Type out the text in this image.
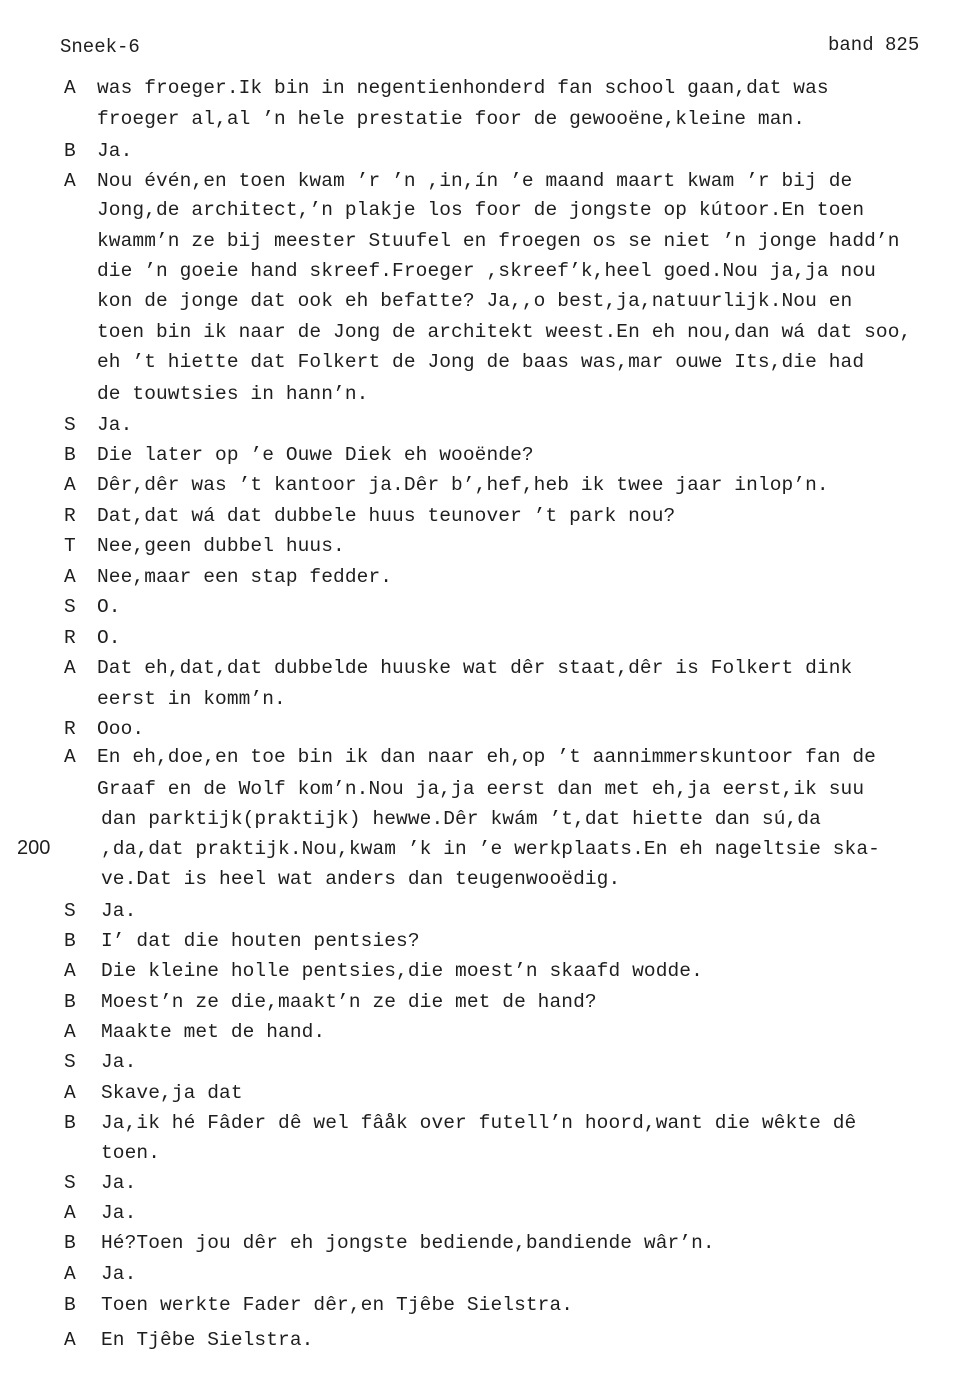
Sneek-6	band 825
200
A was froeger.Ik bin in negentienhonderd fan school gaan,dat was
froeger al,al ’n hele prestatie foor de gewooëne,kleine man.
B Ja.
A Nou évén,en toen kwam ’r ’n ,in,ín ’e maand maart kwam ’r bij de
Jong,de architect,’n plakje los foor de jongste op kútoor.En toen
kwamm’n ze bij meester Stuufel en froegen os se niet ’n jonge hadd’n
die ’n goeie hand skreef.Froeger ,skreef’k,heel goed.Nou ja,ja nou
kon de jonge dat ook eh befatte? Ja,,o best,ja,natuurlijk.Nou en
toen bin ik naar de Jong de architekt weest.En eh nou,dan wá dat soo,
eh ’t hiette dat Folkert de Jong de baas was,mar ouwe Its,die had
de touwtsies in hann’n.
S Ja.
B Die later op ’e Ouwe Diek eh wooënde?
A Dêr,dêr was ’t kantoor ja.Dêr b’,hef,heb ik twee jaar inlop’n.
R Dat,dat wá dat dubbele huus teunover ’t park nou?
T Nee,geen dubbel huus.
A Nee,maar een stap fedder.
S O.
R O.
A Dat eh,dat,dat dubbelde huuske wat dêr staat,dêr is Folkert dink
eerst in komm’n.
R Ooo.
A En eh,doe,en toe bin ik dan naar eh,op ’t aannimmerskuntoor fan de
Graaf en de Wolf kom’n.Nou ja,ja eerst dan met eh,ja eerst,ik suu
dan parktijk(praktijk) hewwe.Dêr kwám ’t,dat hiette dan sú,da
,da,dat praktijk.Nou,kwam ’k in ’e werkplaats.En eh nageltsie ska-
ve.Dat is heel wat anders dan teugenwooëdig.
S Ja.
B I’ dat die houten pentsies?
A Die kleine holle pentsies,die moest’n skaafd wodde.
B Moest’n ze die,maakt’n ze die met de hand?
A Maakte met de hand.
S Ja.
A Skave,ja dat
B Ja,ik hé Fâder dê wel fâåk over futell’n hoord,want die wêkte dê
toen.
S Ja.
A Ja.
B Hé?Toen jou dêr eh jongste bediende,bandiende wâr’n.
A Ja.
B Toen werkte Fader dêr,en Tjêbe Sielstra.
A En Tjêbe Sielstra.
